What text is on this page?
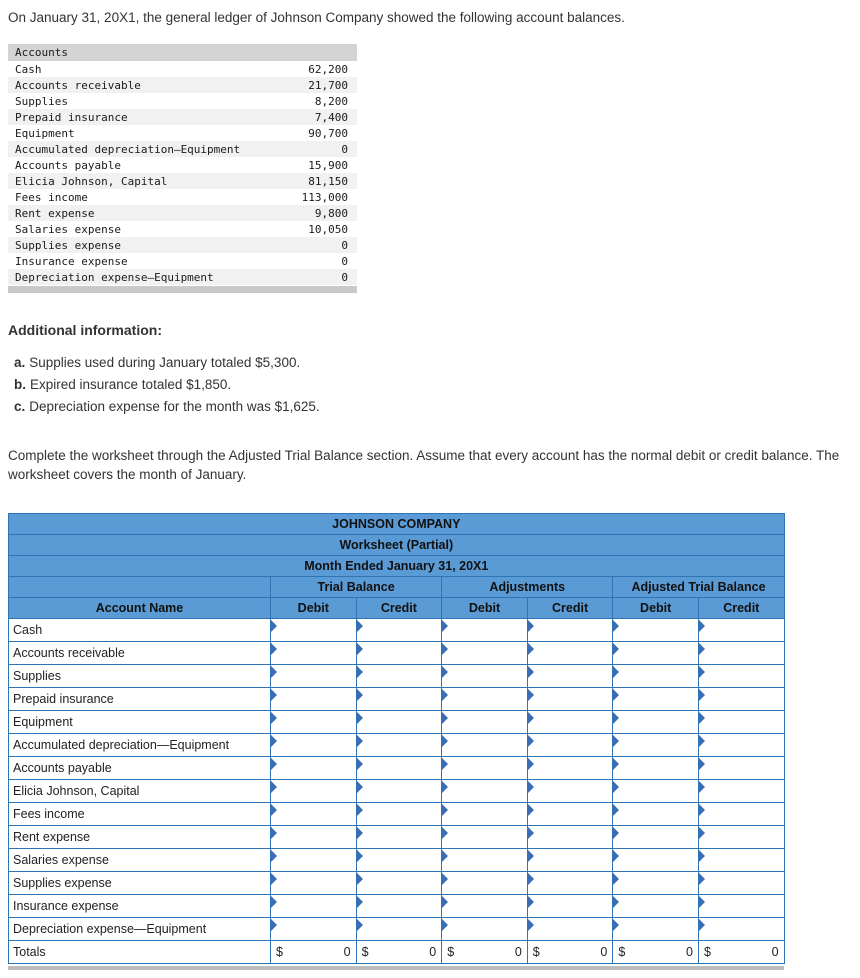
On January 31, 20X1, the general ledger of Johnson Company showed the following account balances.

Accounts	
Cash	62,200
Accounts receivable	21,700
Supplies	8,200
Prepaid insurance	7,400
Equipment	90,700
Accumulated depreciation–Equipment	0
Accounts payable	15,900
Elicia Johnson, Capital	81,150
Fees income	113,000
Rent expense	9,800
Salaries expense	10,050
Supplies expense	0
Insurance expense	0
Depreciation expense–Equipment	0
Additional information:

a. Supplies used during January totaled $5,300.

b. Expired insurance totaled $1,850.

c. Depreciation expense for the month was $1,625.

Complete the worksheet through the Adjusted Trial Balance section. Assume that every account has the normal debit or credit balance. The worksheet covers the month of January.

JOHNSON COMPANY						
Worksheet (Partial)						
Month Ended January 31, 20X1						
	Trial Balance		Adjustments		Adjusted Trial Balance	
Account Name	Debit	Credit	Debit	Credit	Debit	Credit
Cash	

Accounts receivable	

Supplies	

Prepaid insurance	

Equipment	

Accumulated depreciation—Equipment	

Accounts payable	

Elicia Johnson, Capital	

Fees income	

Rent expense	

Salaries expense	

Supplies expense	

Insurance expense	

Depreciation expense—Equipment	

Totals	$ 0	$ 0	$ 0	$ 0	$ 0	$ 0
